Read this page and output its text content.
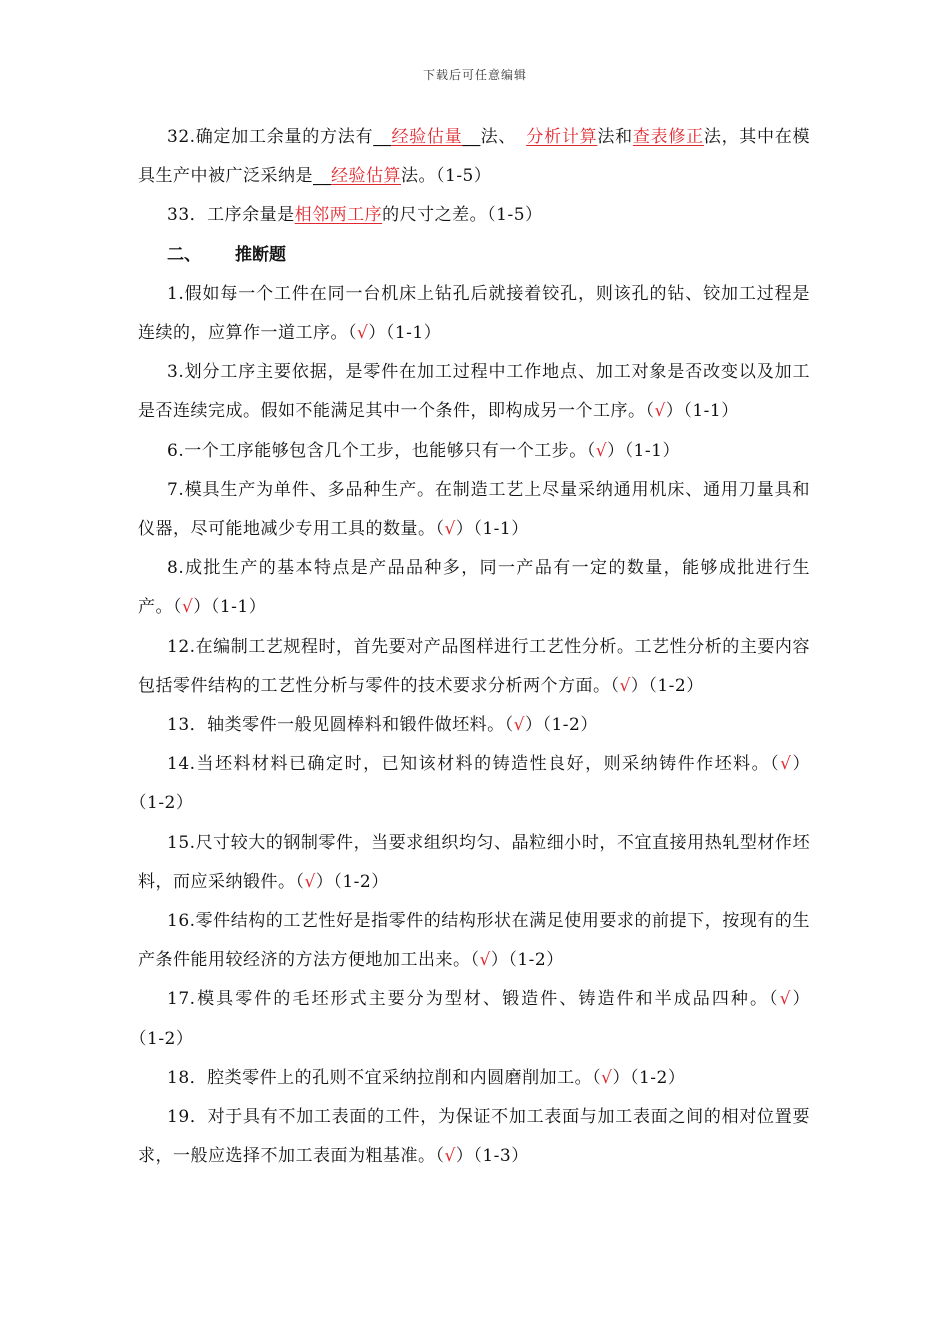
下载后可任意编辑

32.确定加工余量的方法有__经验估量__法、 分析计算法和查表修正法，其中在模具生产中被广泛采纳是__经验估算法。（1-5）

33．工序余量是相邻两工序的尺寸之差。（1-5）

二、 推断题

1.假如每一个工件在同一台机床上钻孔后就接着铰孔，则该孔的钻、铰加工过程是连续的，应算作一道工序。（√）（1-1）

3.划分工序主要依据，是零件在加工过程中工作地点、加工对象是否改变以及加工是否连续完成。假如不能满足其中一个条件，即构成另一个工序。（√）（1-1）

6.一个工序能够包含几个工步，也能够只有一个工步。（√）（1-1）

7.模具生产为单件、多品种生产。在制造工艺上尽量采纳通用机床、通用刀量具和仪器，尽可能地减少专用工具的数量。（√）（1-1）

8.成批生产的基本特点是产品品种多，同一产品有一定的数量，能够成批进行生产。（√）（1-1）

12.在编制工艺规程时，首先要对产品图样进行工艺性分析。工艺性分析的主要内容包括零件结构的工艺性分析与零件的技术要求分析两个方面。（√）（1-2）

13．轴类零件一般见圆棒料和锻件做坯料。（√）（1-2）

14.当坯料材料已确定时，已知该材料的铸造性良好，则采纳铸件作坯料。（√）（1-2）

15.尺寸较大的钢制零件，当要求组织均匀、晶粒细小时，不宜直接用热轧型材作坯料，而应采纳锻件。（√）（1-2）

16.零件结构的工艺性好是指零件的结构形状在满足使用要求的前提下，按现有的生产条件能用较经济的方法方便地加工出来。（√）（1-2）

17.模具零件的毛坯形式主要分为型材、锻造件、铸造件和半成品四种。（√）（1-2）

18．腔类零件上的孔则不宜采纳拉削和内圆磨削加工。（√）（1-2）

19．对于具有不加工表面的工件，为保证不加工表面与加工表面之间的相对位置要求，一般应选择不加工表面为粗基准。（√）（1-3）
